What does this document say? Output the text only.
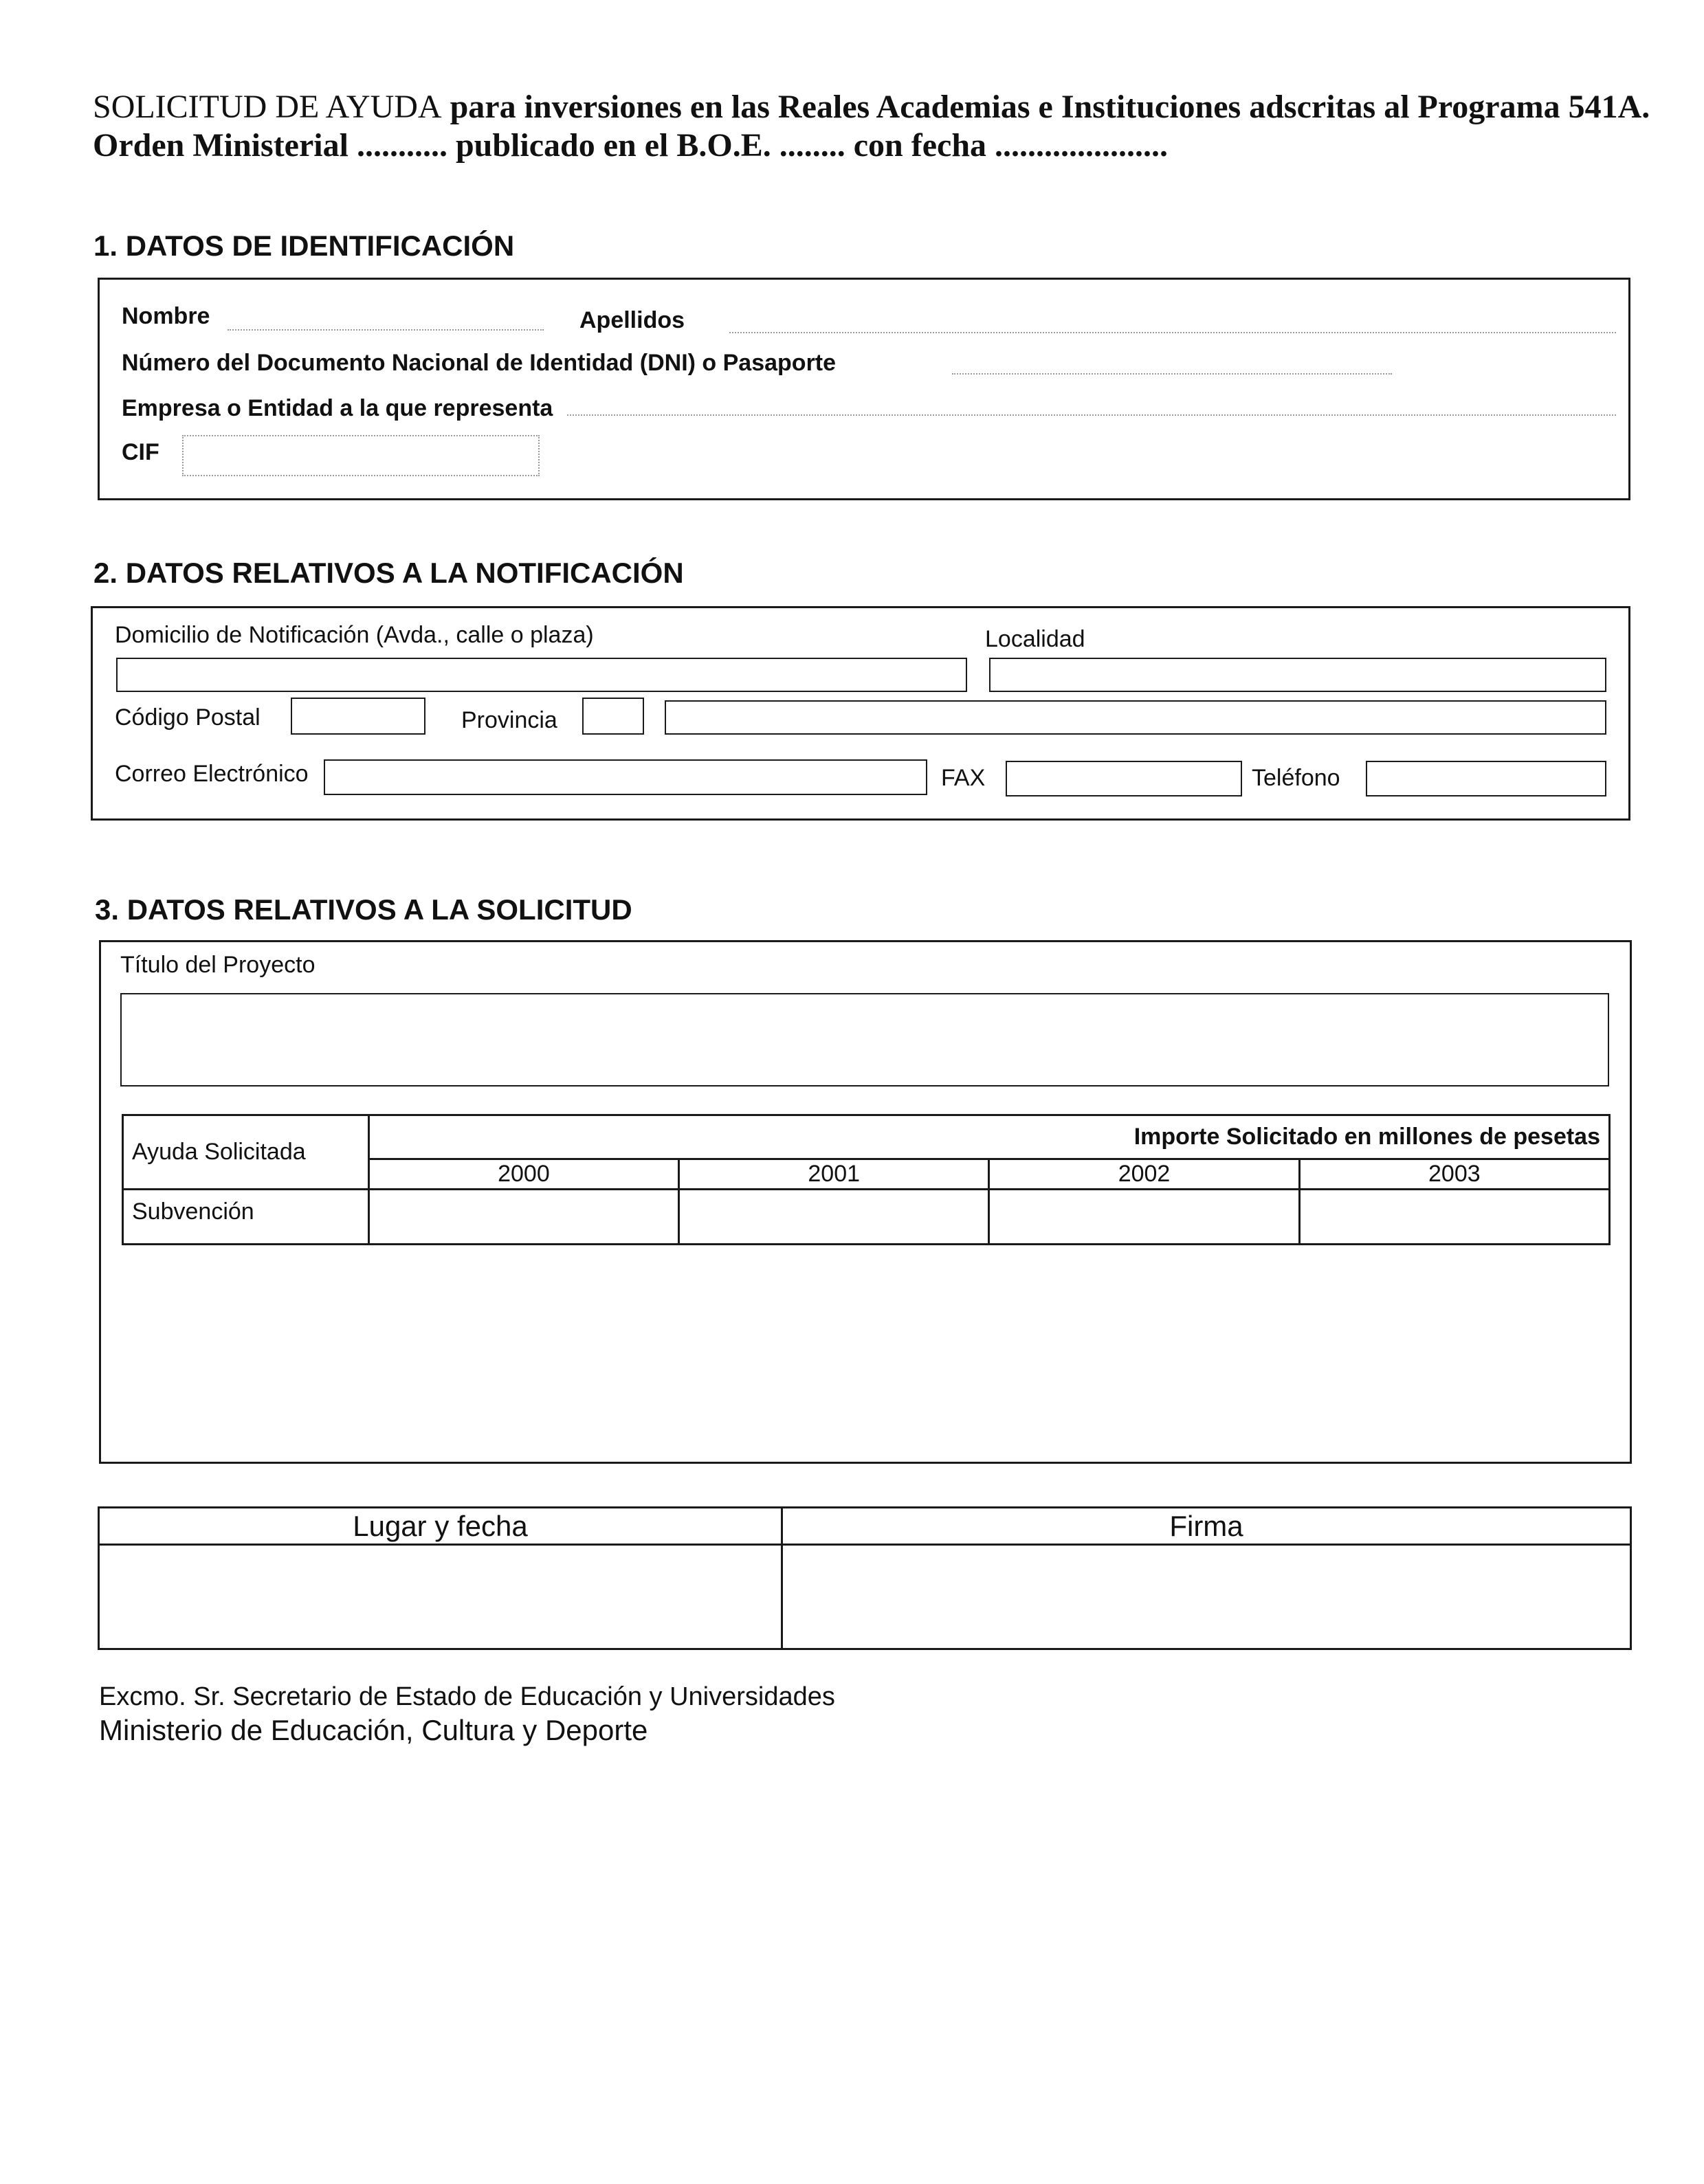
SOLICITUD DE AYUDA para inversiones en las Reales Academias e Instituciones adscritas al Programa 541A.
Orden Ministerial ........... publicado en el B.O.E. ........ con fecha .....................
1. DATOS DE IDENTIFICACIÓN
Nombre	Apellidos
Número del Documento Nacional de Identidad (DNI) o Pasaporte
Empresa o Entidad a la que representa
CIF
2. DATOS RELATIVOS A LA NOTIFICACIÓN
Domicilio de Notificación (Avda., calle o plaza)	Localidad
Código Postal	Provincia
Correo Electrónico	FAX	Teléfono
3. DATOS RELATIVOS A LA SOLICITUD
Título del Proyecto
Ayuda Solicitada	Importe Solicitado en millones de pesetas			
	2000	2001	2002	2003
Subvención				
Lugar y fecha	Firma

Excmo. Sr. Secretario de Estado de Educación y Universidades
Ministerio de Educación, Cultura y Deporte
